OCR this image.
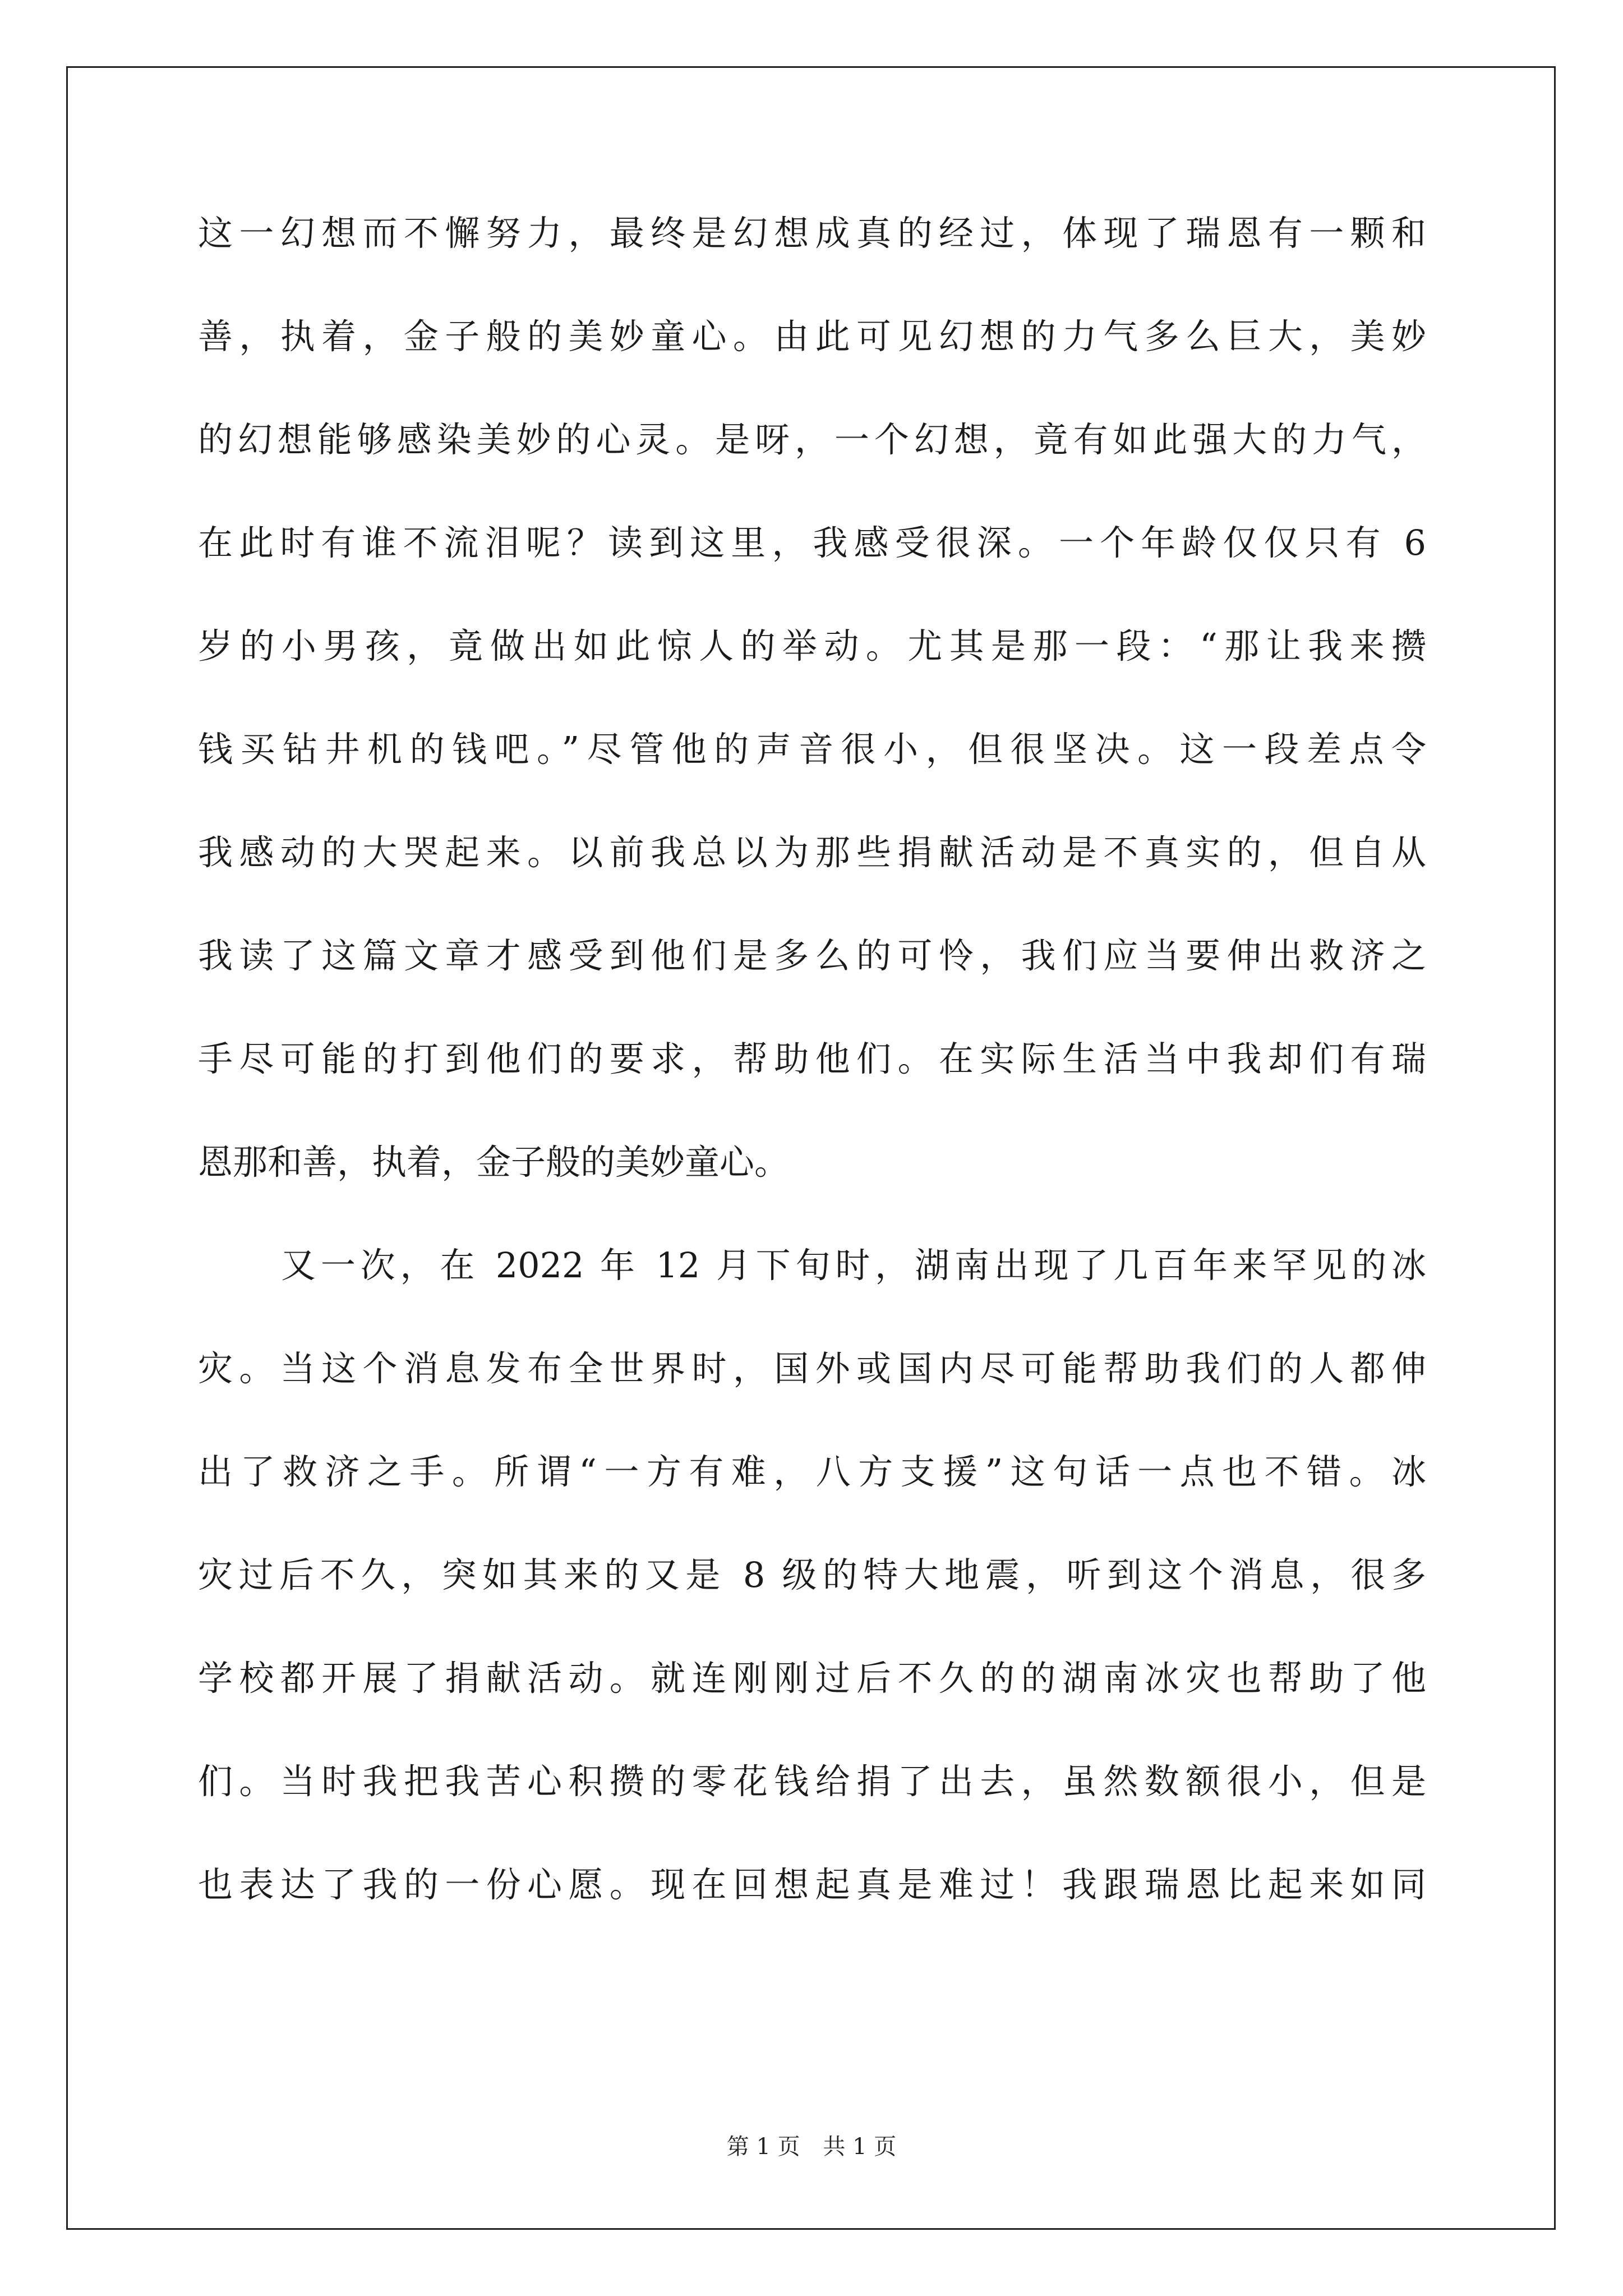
这一幻想而不懈努力，最终是幻想成真的经过，体现了瑞恩有一颗和
善，执着，金子般的美妙童心。由此可见幻想的力气多么巨大，美妙
的幻想能够感染美妙的心灵。是呀，一个幻想，竟有如此强大的力气，
在此时有谁不流泪呢？读到这里，我感受很深。一个年龄仅仅只有 6
岁的小男孩，竟做出如此惊人的举动。尤其是那一段：“那让我来攒
钱买钻井机的钱吧。”尽管他的声音很小，但很坚决。这一段差点令
我感动的大哭起来。以前我总以为那些捐献活动是不真实的，但自从
我读了这篇文章才感受到他们是多么的可怜，我们应当要伸出救济之
手尽可能的打到他们的要求，帮助他们。在实际生活当中我却们有瑞
恩那和善，执着，金子般的美妙童心。
又一次，在 2022 年 12 月下旬时，湖南出现了几百年来罕见的冰
灾。当这个消息发布全世界时，国外或国内尽可能帮助我们的人都伸
出了救济之手。所谓“一方有难，八方支援”这句话一点也不错。冰
灾过后不久，突如其来的又是 8 级的特大地震，听到这个消息，很多
学校都开展了捐献活动。就连刚刚过后不久的的湖南冰灾也帮助了他
们。当时我把我苦心积攒的零花钱给捐了出去，虽然数额很小，但是
也表达了我的一份心愿。现在回想起真是难过！我跟瑞恩比起来如同
第 1 页 共 1 页
